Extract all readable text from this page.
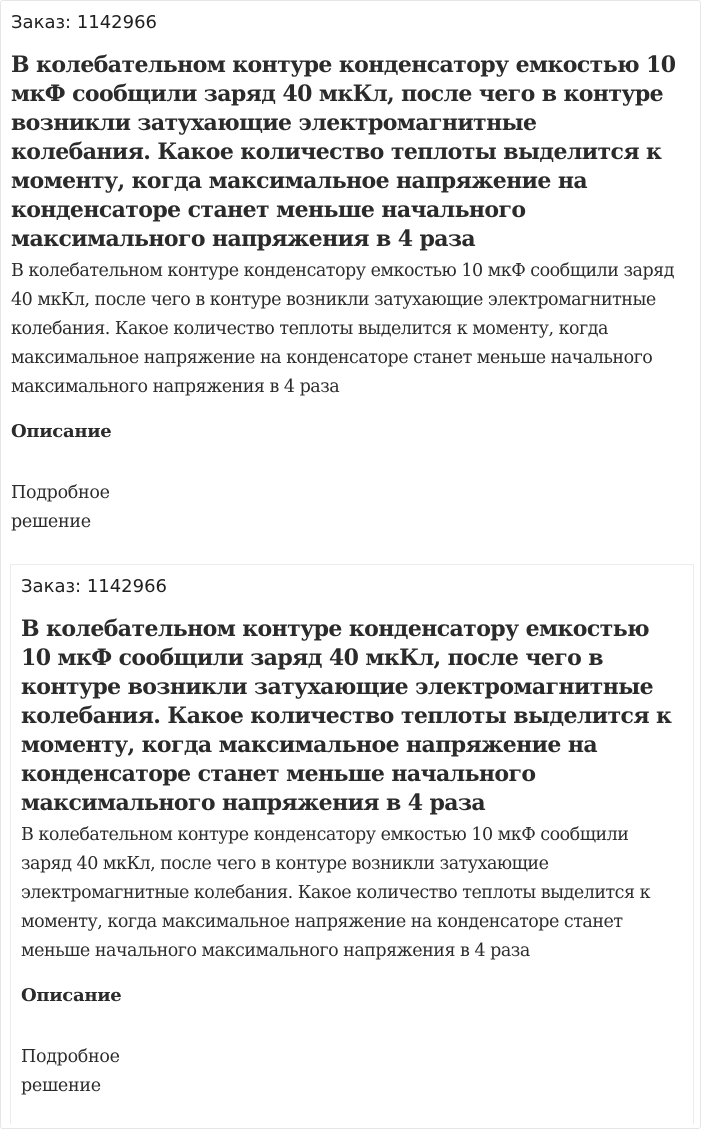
Заказ: 1142966

В колебательном контуре конденсатору емкостью 10 мкФ сообщили заряд 40 мкКл, после чего в контуре возникли затухающие электромагнитные колебания. Какое количество теплоты выделится к моменту, когда максимальное напряжение на конденсаторе станет меньше начального максимального напряжения в 4 раза

В колебательном контуре конденсатору емкостью 10 мкФ сообщили заряд 40 мкКл, после чего в контуре возникли затухающие электромагнитные колебания. Какое количество теплоты выделится к моменту, когда максимальное напряжение на конденсаторе станет меньше начального максимального напряжения в 4 раза

Описание

Подробное решение

Заказ: 1142966

В колебательном контуре конденсатору емкостью 10 мкФ сообщили заряд 40 мкКл, после чего в контуре возникли затухающие электромагнитные колебания. Какое количество теплоты выделится к моменту, когда максимальное напряжение на конденсаторе станет меньше начального максимального напряжения в 4 раза

В колебательном контуре конденсатору емкостью 10 мкФ сообщили заряд 40 мкКл, после чего в контуре возникли затухающие электромагнитные колебания. Какое количество теплоты выделится к моменту, когда максимальное напряжение на конденсаторе станет меньше начального максимального напряжения в 4 раза

Описание

Подробное решение
